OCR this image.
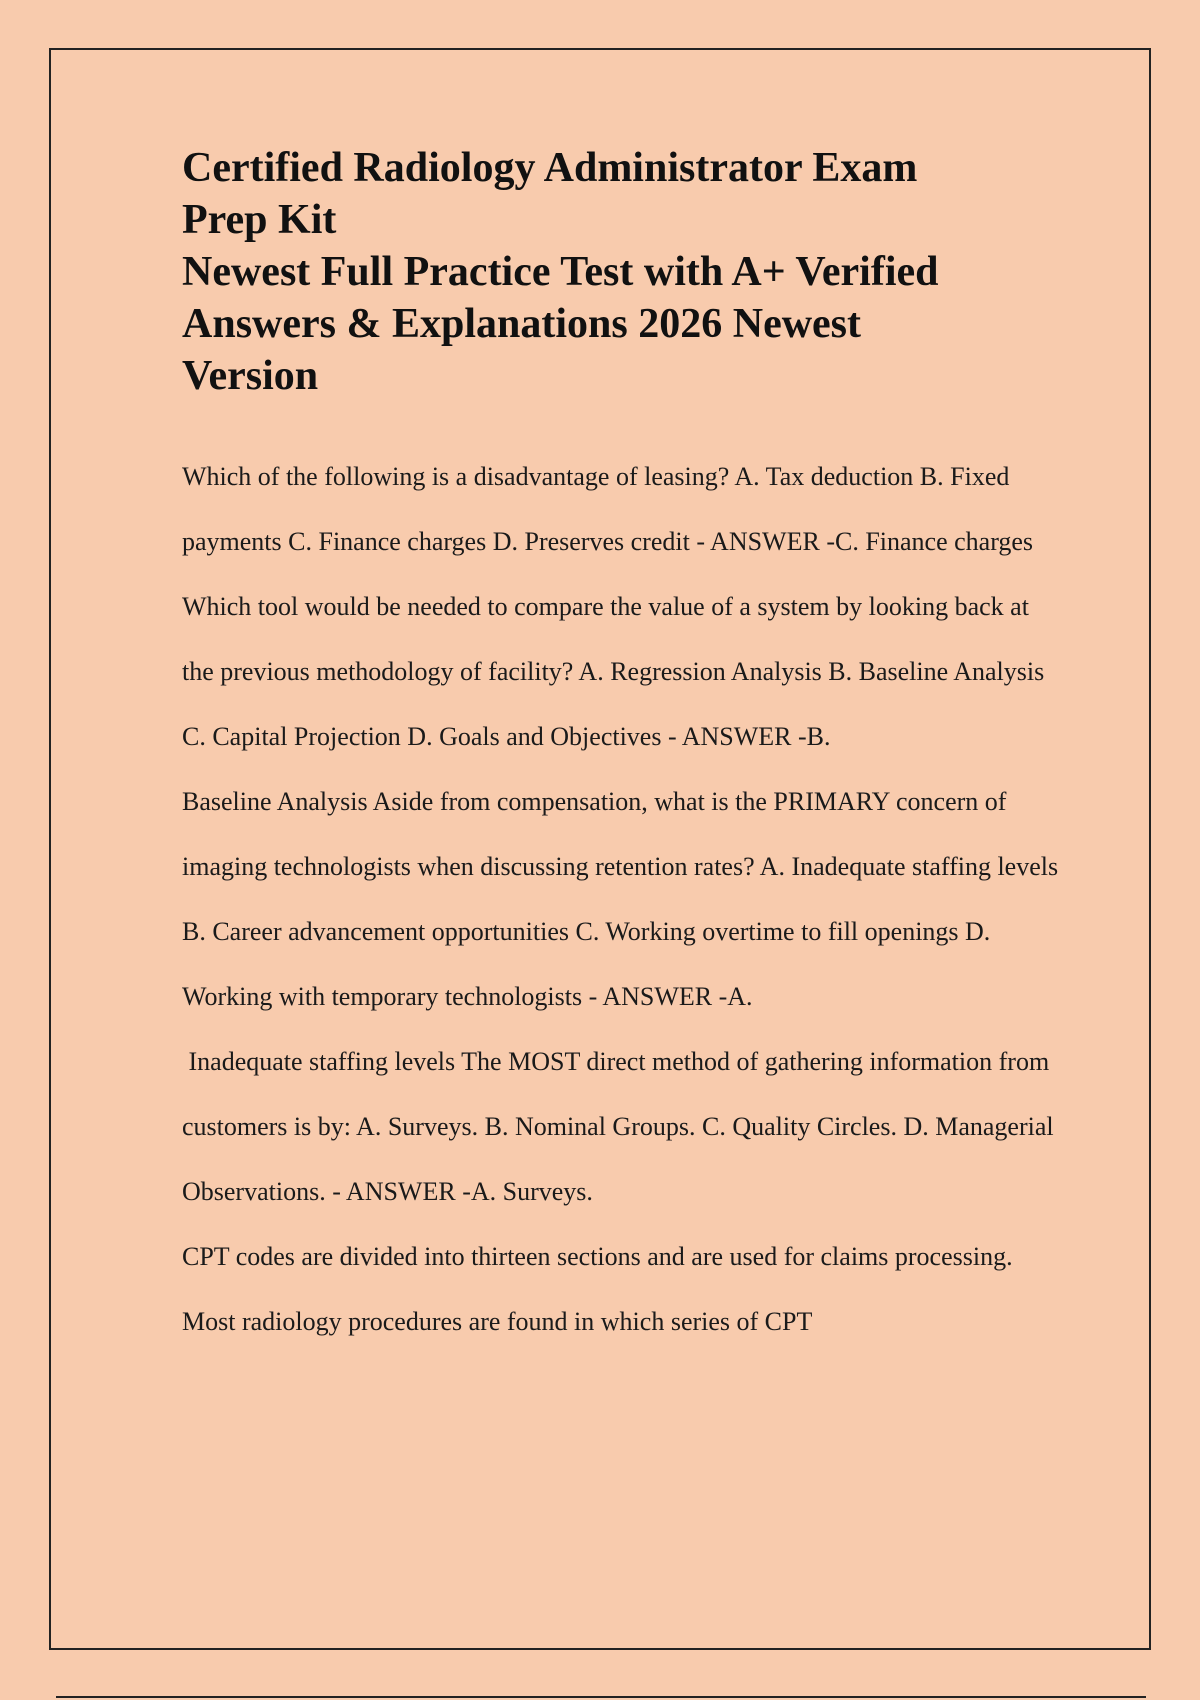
Certified Radiology Administrator Exam
Prep Kit
Newest Full Practice Test with A+ Verified
Answers & Explanations 2026 Newest
Version

Which of the following is a disadvantage of leasing? A. Tax deduction B. Fixed payments C. Finance charges D. Preserves credit - ANSWER -C. Finance charges

Which tool would be needed to compare the value of a system by looking back at the previous methodology of facility? A. Regression Analysis B. Baseline Analysis C. Capital Projection D. Goals and Objectives - ANSWER -B.

Baseline Analysis Aside from compensation, what is the PRIMARY concern of imaging technologists when discussing retention rates? A. Inadequate staffing levels B. Career advancement opportunities C. Working overtime to fill openings D. Working with temporary technologists - ANSWER -A.

Inadequate staffing levels The MOST direct method of gathering information from customers is by: A. Surveys. B. Nominal Groups. C. Quality Circles. D. Managerial Observations. - ANSWER -A. Surveys.

CPT codes are divided into thirteen sections and are used for claims processing. Most radiology procedures are found in which series of CPT
